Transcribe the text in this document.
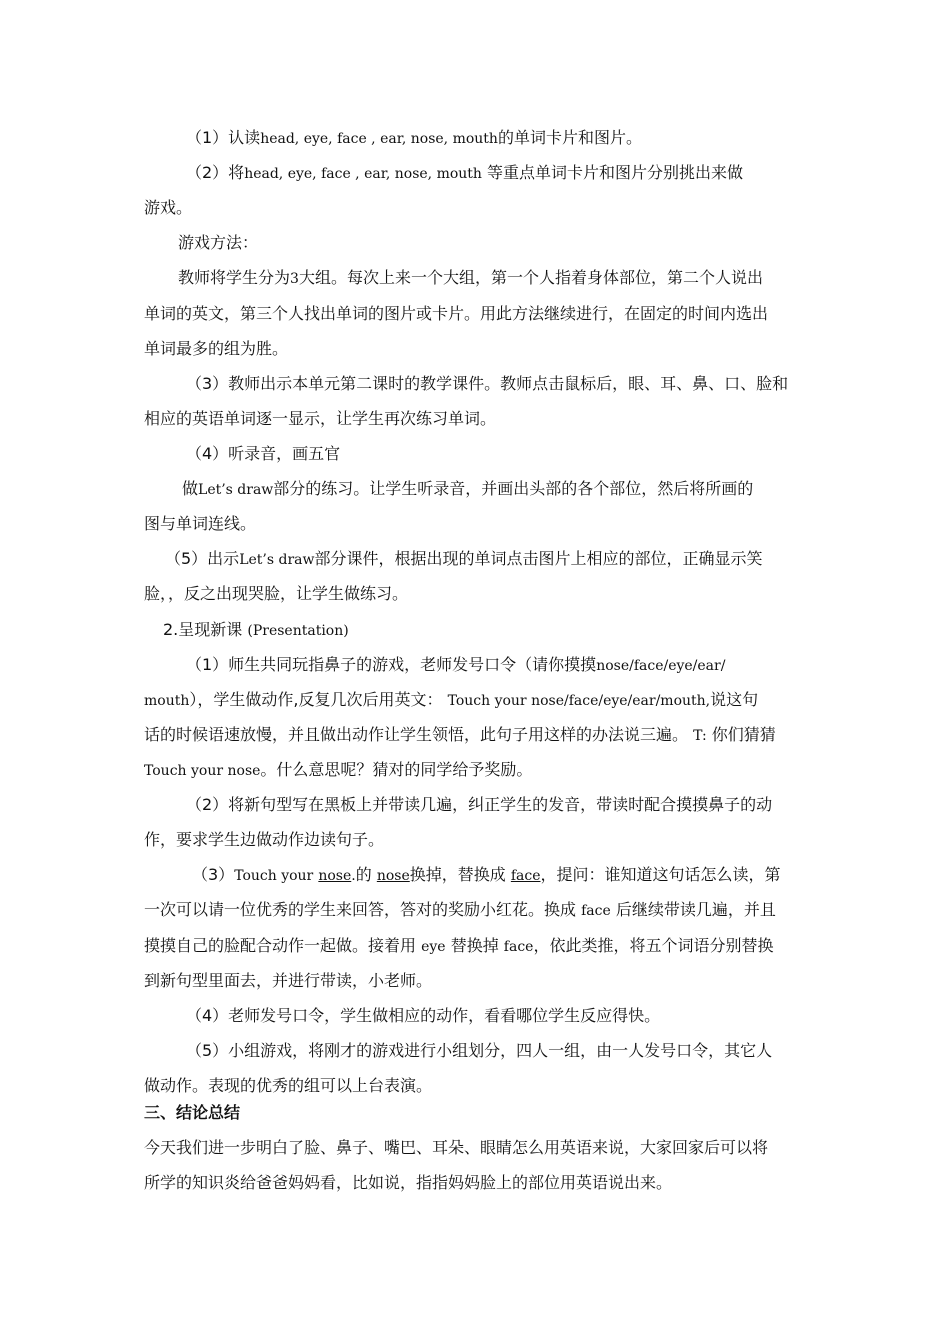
（1）认读head, eye, face , ear, nose, mouth的单词卡片和图片。
（2）将head, eye, face , ear, nose, mouth 等重点单词卡片和图片分别挑出来做
游戏。
游戏方法：
教师将学生分为3大组。每次上来一个大组，第一个人指着身体部位，第二个人说出
单词的英文，第三个人找出单词的图片或卡片。用此方法继续进行，在固定的时间内选出
单词最多的组为胜。
（3）教师出示本单元第二课时的教学课件。教师点击鼠标后，眼、耳、鼻、口、脸和
相应的英语单词逐一显示，让学生再次练习单词。
（4）听录音，画五官
做Let’s draw部分的练习。让学生听录音，并画出头部的各个部位，然后将所画的
图与单词连线。
（5）出示Let’s draw部分课件，根据出现的单词点击图片上相应的部位，正确显示笑
脸，，反之出现哭脸，让学生做练习。
2.呈现新课 (Presentation)
（1）师生共同玩指鼻子的游戏，老师发号口令（请你摸摸nose/face/eye/ear/
mouth），学生做动作,反复几次后用英文： Touch your nose/face/eye/ear/mouth,说这句
话的时候语速放慢，并且做出动作让学生领悟，此句子用这样的办法说三遍。 T: 你们猜猜
Touch your nose。什么意思呢？猜对的同学给予奖励。
（2）将新句型写在黑板上并带读几遍，纠正学生的发音，带读时配合摸摸鼻子的动
作，要求学生边做动作边读句子。
（3）Touch your nose.的 nose换掉，替换成 face，提问：谁知道这句话怎么读，第
一次可以请一位优秀的学生来回答，答对的奖励小红花。换成 face 后继续带读几遍，并且
摸摸自己的脸配合动作一起做。接着用 eye 替换掉 face，依此类推，将五个词语分别替换
到新句型里面去，并进行带读，小老师。
（4）老师发号口令，学生做相应的动作，看看哪位学生反应得快。
（5）小组游戏，将刚才的游戏进行小组划分，四人一组，由一人发号口令，其它人
做动作。表现的优秀的组可以上台表演。
三、结论总结
今天我们进一步明白了脸、鼻子、嘴巴、耳朵、眼睛怎么用英语来说，大家回家后可以将
所学的知识炎给爸爸妈妈看，比如说，指指妈妈脸上的部位用英语说出来。
